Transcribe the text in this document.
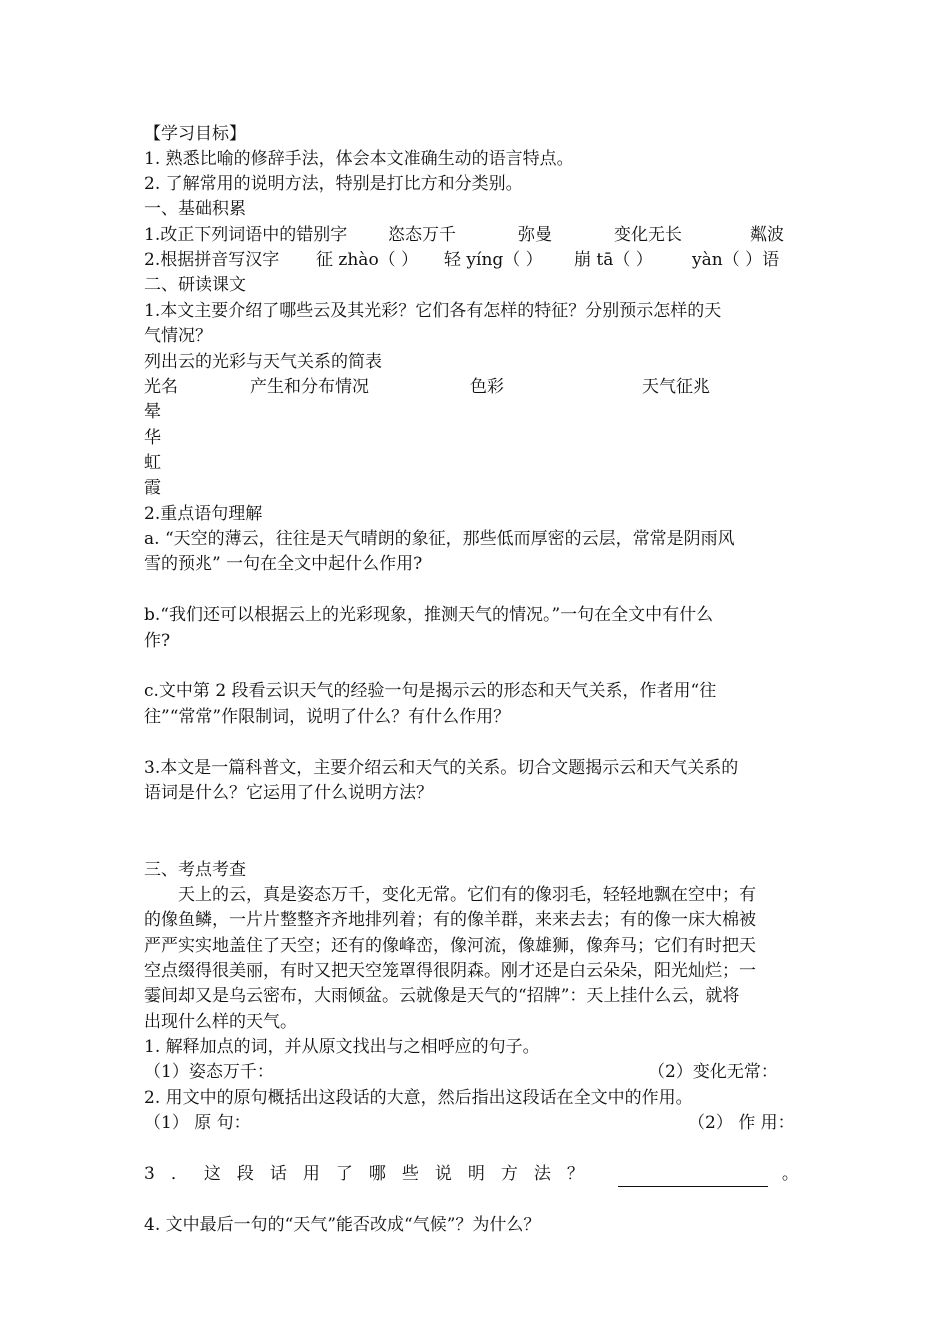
【学习目标】
1. 熟悉比喻的修辞手法，体会本文准确生动的语言特点。
2. 了解常用的说明方法，特别是打比方和分类别。
一、基础积累
1.改正下列词语中的错别字 恣态万千	弥曼	变化无长	粼波
2.根据拼音写汉字 征 zhào（ ） 轻 yíng（ ） 崩 tā（ ） yàn（ ）语
二、研读课文
1.本文主要介绍了哪些云及其光彩？它们各有怎样的特征？分别预示怎样的天
气情况？
列出云的光彩与天气关系的简表
光名	产生和分布情况	色彩	天气征兆
晕
华
虹
霞
2.重点语句理解
a. “天空的薄云，往往是天气晴朗的象征，那些低而厚密的云层，常常是阴雨风
雪的预兆” 一句在全文中起什么作用?
b.“我们还可以根据云上的光彩现象，推测天气的情况。”一句在全文中有什么
作?
c.文中第 2 段看云识天气的经验一句是揭示云的形态和天气关系，作者用“往
往”“常常”作限制词，说明了什么？有什么作用？
3.本文是一篇科普文，主要介绍云和天气的关系。切合文题揭示云和天气关系的
语词是什么？它运用了什么说明方法？
三、考点考查
天上的云，真是姿态万千，变化无常。它们有的像羽毛，轻轻地飘在空中；有
的像鱼鳞，一片片整整齐齐地排列着；有的像羊群，来来去去；有的像一床大棉被
严严实实地盖住了天空；还有的像峰峦，像河流，像雄狮，像奔马；它们有时把天
空点缀得很美丽，有时又把天空笼罩得很阴森。刚才还是白云朵朵，阳光灿烂；一
霎间却又是乌云密布，大雨倾盆。云就像是天气的“招牌”：天上挂什么云，就将
出现什么样的天气。
1. 解释加点的词，并从原文找出与之相呼应的句子。
（1）姿态万千：	（2）变化无常：
2. 用文中的原句概括出这段话的大意，然后指出这段话在全文中的作用。
（1） 原 句：	（2） 作 用：
3．这段话用了哪些说明方法？	。
4. 文中最后一句的“天气”能否改成“气候”？为什么？
